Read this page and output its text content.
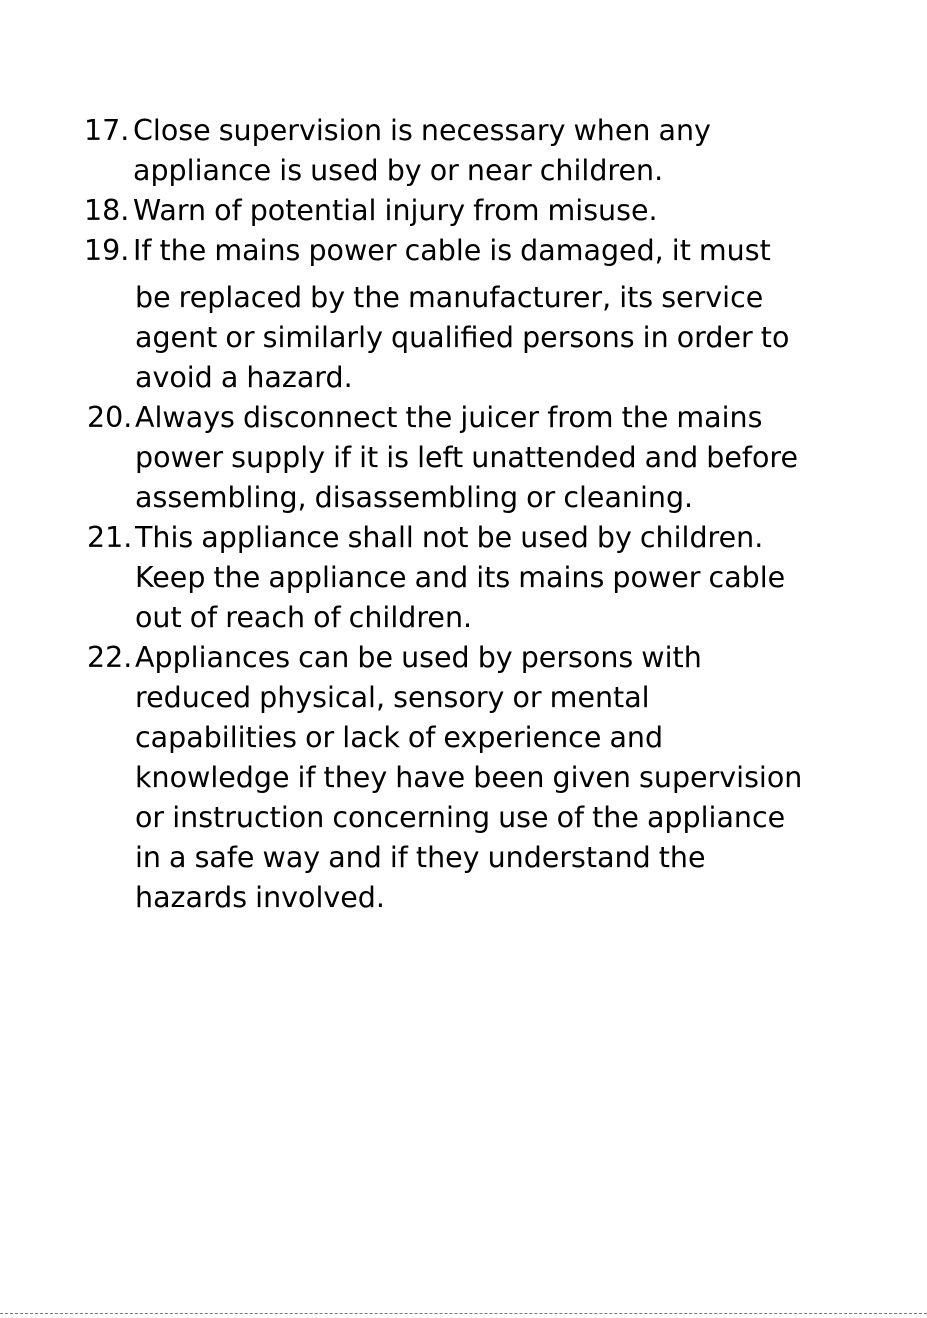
17. Close supervision is necessary when any
appliance is used by or near children.
18. Warn of potential injury from misuse.
19. If the mains power cable is damaged, it must
be replaced by the manufacturer, its service
agent or similarly qualified persons in order to
avoid a hazard.
20. Always disconnect the juicer from the mains
power supply if it is left unattended and before
assembling, disassembling or cleaning.
21. This appliance shall not be used by children.
Keep the appliance and its mains power cable
out of reach of children.
22. Appliances can be used by persons with
reduced physical, sensory or mental
capabilities or lack of experience and
knowledge if they have been given supervision
or instruction concerning use of the appliance
in a safe way and if they understand the
hazards involved.
